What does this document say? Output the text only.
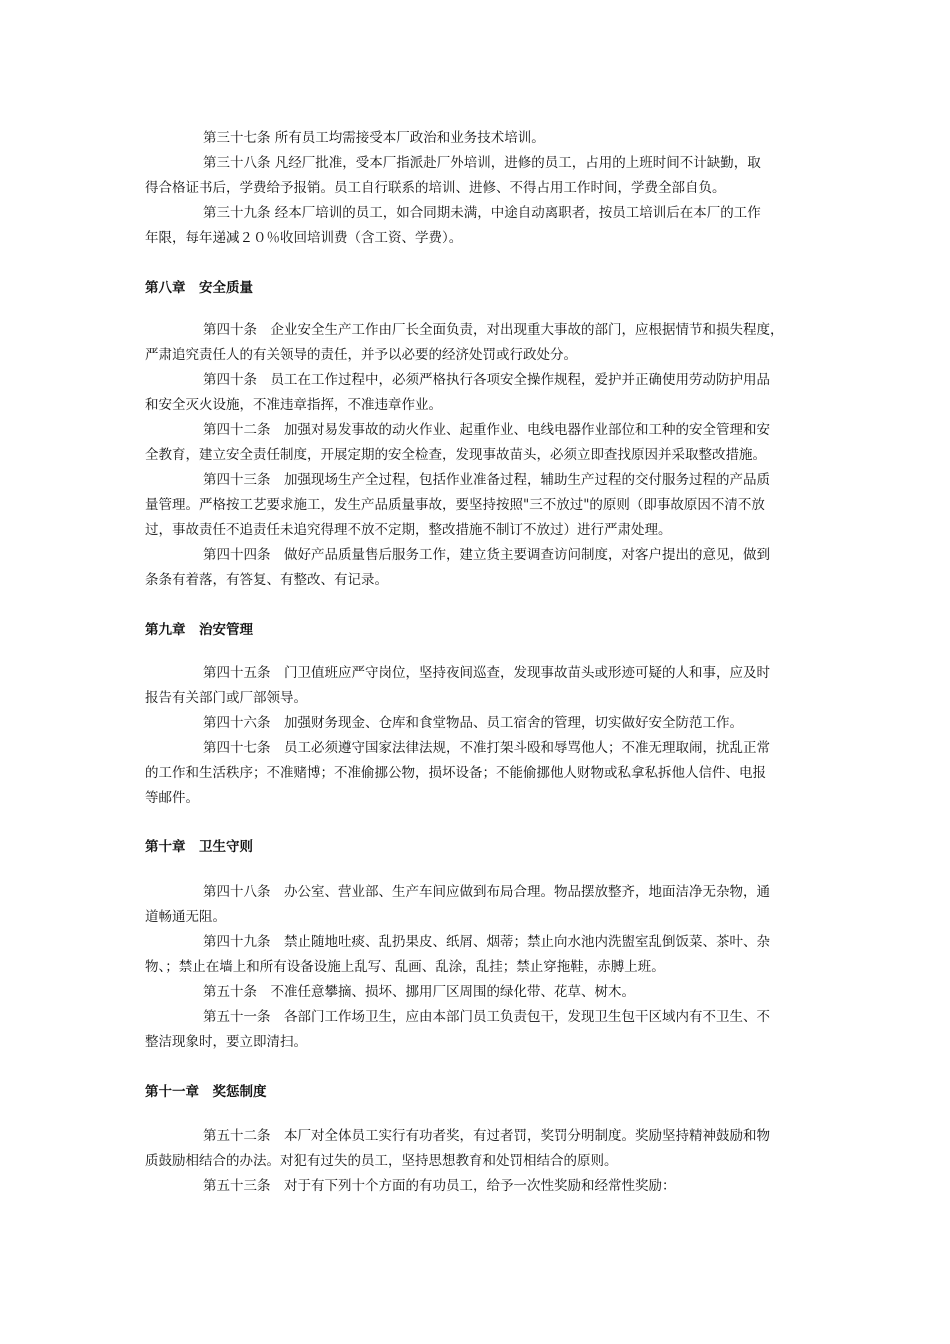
第三十七条 所有员工均需接受本厂政治和业务技术培训。
第三十八条 凡经厂批准，受本厂指派赴厂外培训，进修的员工，占用的上班时间不计缺勤，取
得合格证书后，学费给予报销。员工自行联系的培训、进修、不得占用工作时间，学费全部自负。
第三十九条 经本厂培训的员工，如合同期未满，中途自动离职者，按员工培训后在本厂的工作
年限，每年递减２０％收回培训费（含工资、学费）。
第八章　安全质量
第四十条　企业安全生产工作由厂长全面负责，对出现重大事故的部门，应根据情节和损失程度，
严肃追究责任人的有关领导的责任，并予以必要的经济处罚或行政处分。
第四十条　员工在工作过程中，必须严格执行各项安全操作规程，爱护并正确使用劳动防护用品
和安全灭火设施，不准违章指挥，不准违章作业。
第四十二条　加强对易发事故的动火作业、起重作业、电线电器作业部位和工种的安全管理和安
全教育，建立安全责任制度，开展定期的安全检查，发现事故苗头，必须立即查找原因并采取整改措施。
第四十三条　加强现场生产全过程，包括作业准备过程，辅助生产过程的交付服务过程的产品质
量管理。严格按工艺要求施工，发生产品质量事故，要坚持按照"三不放过"的原则（即事故原因不清不放
过，事故责任不追责任未追究得理不放不定期，整改措施不制订不放过）进行严肃处理。
第四十四条　做好产品质量售后服务工作，建立货主要调查访问制度，对客户提出的意见，做到
条条有着落，有答复、有整改、有记录。
第九章　治安管理
第四十五条　门卫值班应严守岗位，坚持夜间巡查，发现事故苗头或形迹可疑的人和事，应及时
报告有关部门或厂部领导。
第四十六条　加强财务现金、仓库和食堂物品、员工宿舍的管理，切实做好安全防范工作。
第四十七条　员工必须遵守国家法律法规，不准打架斗殴和辱骂他人；不准无理取闹，扰乱正常
的工作和生活秩序；不准赌博；不准偷挪公物，损坏设备；不能偷挪他人财物或私拿私拆他人信件、电报
等邮件。
第十章　卫生守则
第四十八条　办公室、营业部、生产车间应做到布局合理。物品摆放整齐，地面洁净无杂物，通
道畅通无阻。
第四十九条　禁止随地吐痰、乱扔果皮、纸屑、烟蒂；禁止向水池内洗盥室乱倒饭菜、茶叶、杂
物、；禁止在墙上和所有设备设施上乱写、乱画、乱涂，乱挂；禁止穿拖鞋，赤膊上班。
第五十条　不准任意攀摘、损坏、挪用厂区周围的绿化带、花草、树木。
第五十一条　各部门工作场卫生，应由本部门员工负责包干，发现卫生包干区域内有不卫生、不
整洁现象时，要立即清扫。
第十一章　奖惩制度
第五十二条　本厂对全体员工实行有功者奖，有过者罚，奖罚分明制度。奖励坚持精神鼓励和物
质鼓励相结合的办法。对犯有过失的员工，坚持思想教育和处罚相结合的原则。
第五十三条　对于有下列十个方面的有功员工，给予一次性奖励和经常性奖励：
